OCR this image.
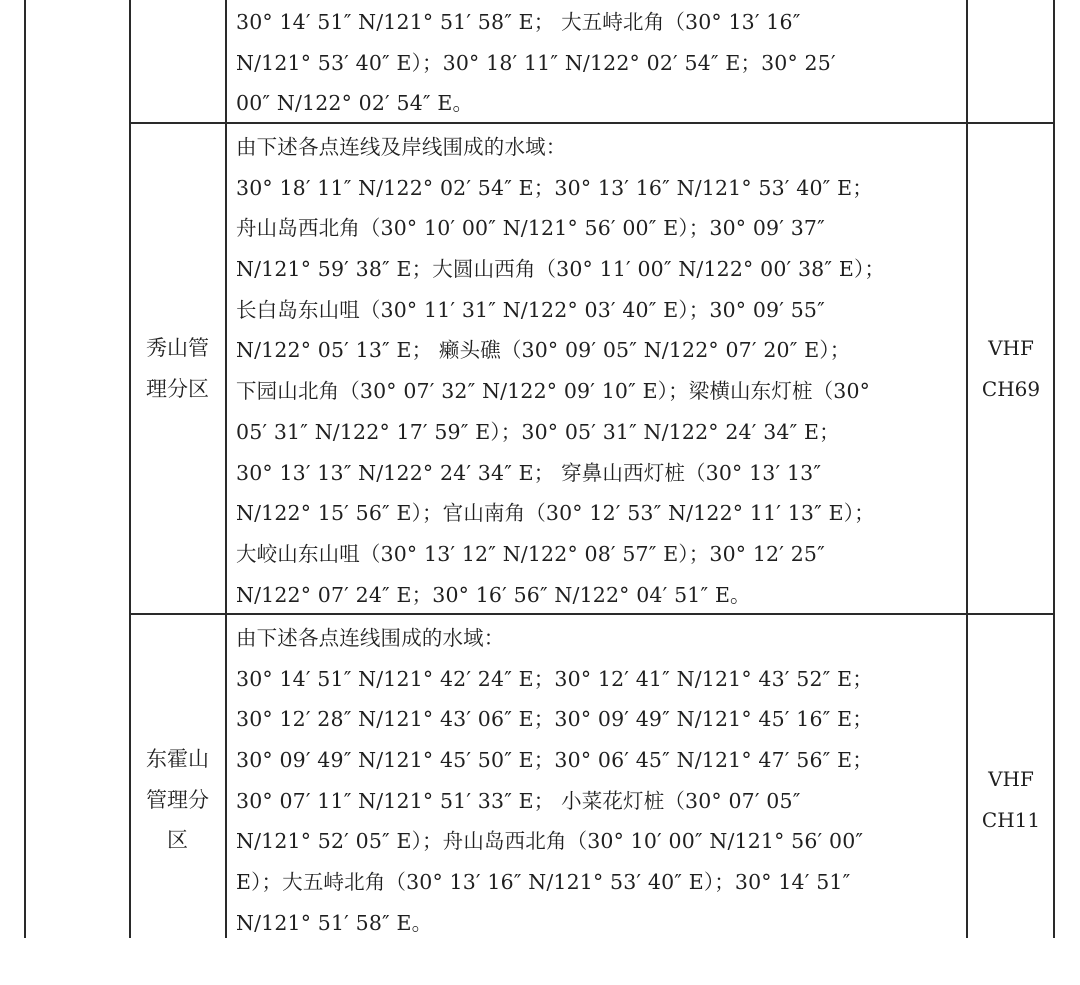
30° 14′ 51″ N/121° 51′ 58″ E； 大五峙北角（30° 13′ 16″
N/121° 53′ 40″ E）；30° 18′ 11″ N/122° 02′ 54″ E；30° 25′
00″ N/122° 02′ 54″ E。
秀山管
理分区
由下述各点连线及岸线围成的水域：
30° 18′ 11″ N/122° 02′ 54″ E；30° 13′ 16″ N/121° 53′ 40″ E；
舟山岛西北角（30° 10′ 00″ N/121° 56′ 00″ E）；30° 09′ 37″
N/121° 59′ 38″ E；大圆山西角（30° 11′ 00″ N/122° 00′ 38″ E）；
长白岛东山咀（30° 11′ 31″ N/122° 03′ 40″ E）；30° 09′ 55″
N/122° 05′ 13″ E； 癞头礁（30° 09′ 05″ N/122° 07′ 20″ E）；
下园山北角（30° 07′ 32″ N/122° 09′ 10″ E）；梁横山东灯桩（30°
05′ 31″ N/122° 17′ 59″ E）；30° 05′ 31″ N/122° 24′ 34″ E；
30° 13′ 13″ N/122° 24′ 34″ E； 穿鼻山西灯桩（30° 13′ 13″
N/122° 15′ 56″ E）；官山南角（30° 12′ 53″ N/122° 11′ 13″ E）；
大峧山东山咀（30° 13′ 12″ N/122° 08′ 57″ E）；30° 12′ 25″
N/122° 07′ 24″ E；30° 16′ 56″ N/122° 04′ 51″ E。
VHF
CH69
东霍山
管理分
区
由下述各点连线围成的水域：
30° 14′ 51″ N/121° 42′ 24″ E；30° 12′ 41″ N/121° 43′ 52″ E；
30° 12′ 28″ N/121° 43′ 06″ E；30° 09′ 49″ N/121° 45′ 16″ E；
30° 09′ 49″ N/121° 45′ 50″ E；30° 06′ 45″ N/121° 47′ 56″ E；
30° 07′ 11″ N/121° 51′ 33″ E； 小菜花灯桩（30° 07′ 05″
N/121° 52′ 05″ E）；舟山岛西北角（30° 10′ 00″ N/121° 56′ 00″
E）；大五峙北角（30° 13′ 16″ N/121° 53′ 40″ E）；30° 14′ 51″
N/121° 51′ 58″ E。
VHF
CH11
